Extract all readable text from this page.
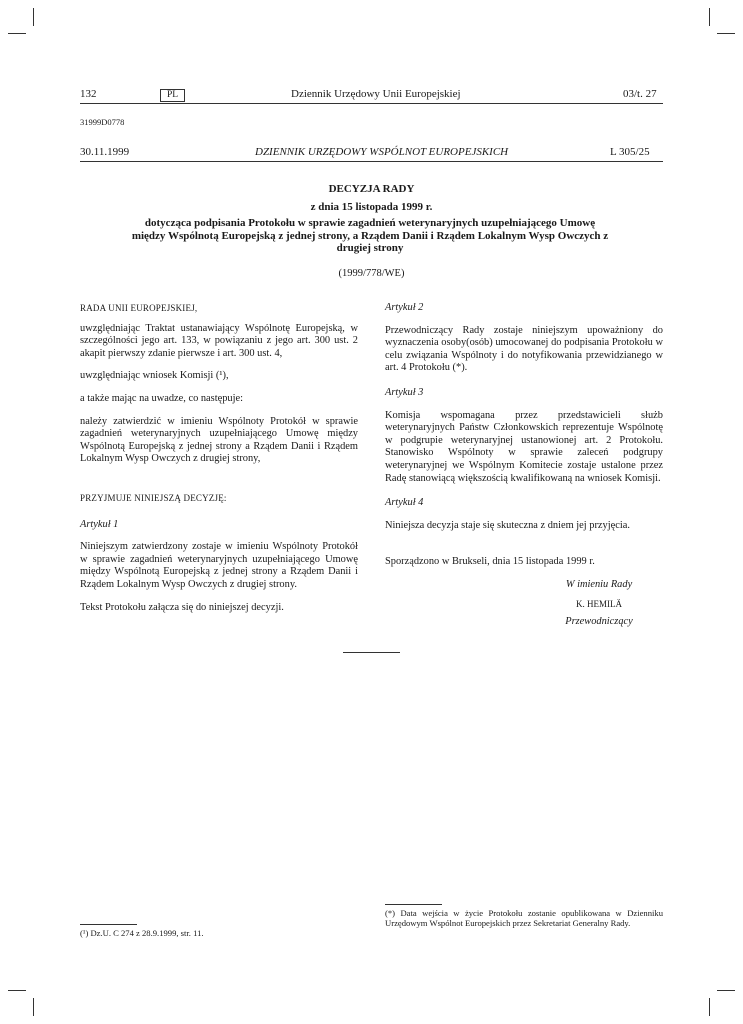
132	PL	Dziennik Urzędowy Unii Europejskiej	03/t. 27
31999D0778
30.11.1999	DZIENNIK URZĘDOWY WSPÓLNOT EUROPEJSKICH	L 305/25
DECYZJA RADY
z dnia 15 listopada 1999 r.
dotycząca podpisania Protokołu w sprawie zagadnień weterynaryjnych uzupełniającego Umowę między Wspólnotą Europejską z jednej strony, a Rządem Danii i Rządem Lokalnym Wysp Owczych z drugiej strony
(1999/778/WE)

RADA UNII EUROPEJSKIEJ,

uwzględniając Traktat ustanawiający Wspólnotę Europejską, w szczególności jego art. 133, w powiązaniu z jego art. 300 ust. 2 akapit pierwszy zdanie pierwsze i art. 300 ust. 4,

uwzględniając wniosek Komisji (¹),

a także mając na uwadze, co następuje:

należy zatwierdzić w imieniu Wspólnoty Protokół w sprawie zagadnień weterynaryjnych uzupełniającego Umowę między Wspólnotą Europejską z jednej strony a Rządem Danii i Rządem Lokalnym Wysp Owczych z drugiej strony,

PRZYJMUJE NINIEJSZĄ DECYZJĘ:

Artykuł 1

Niniejszym zatwierdzony zostaje w imieniu Wspólnoty Protokół w sprawie zagadnień weterynaryjnych uzupełniającego Umowę między Wspólnotą Europejską z jednej strony a Rządem Danii i Rządem Lokalnym Wysp Owczych z drugiej strony.

Tekst Protokołu załącza się do niniejszej decyzji.

Artykuł 2

Przewodniczący Rady zostaje niniejszym upoważniony do wyznaczenia osoby(osób) umocowanej do podpisania Protokołu w celu związania Wspólnoty i do notyfikowania przewidzianego w art. 4 Protokołu (*).

Artykuł 3

Komisja wspomagana przez przedstawicieli służb weterynaryjnych Państw Członkowskich reprezentuje Wspólnotę w podgrupie weterynaryjnej ustanowionej art. 2 Protokołu. Stanowisko Wspólnoty w sprawie zaleceń podgrupy weterynaryjnej we Wspólnym Komitecie zostaje ustalone przez Radę stanowiącą większością kwalifikowaną na wniosek Komisji.

Artykuł 4

Niniejsza decyzja staje się skuteczna z dniem jej przyjęcia.

Sporządzono w Brukseli, dnia 15 listopada 1999 r.

W imieniu Rady

K. HEMILÄ

Przewodniczący

(¹) Dz.U. C 274 z 28.9.1999, str. 11.
(*) Data wejścia w życie Protokołu zostanie opublikowana w Dzienniku Urzędowym Wspólnot Europejskich przez Sekretariat Generalny Rady.
